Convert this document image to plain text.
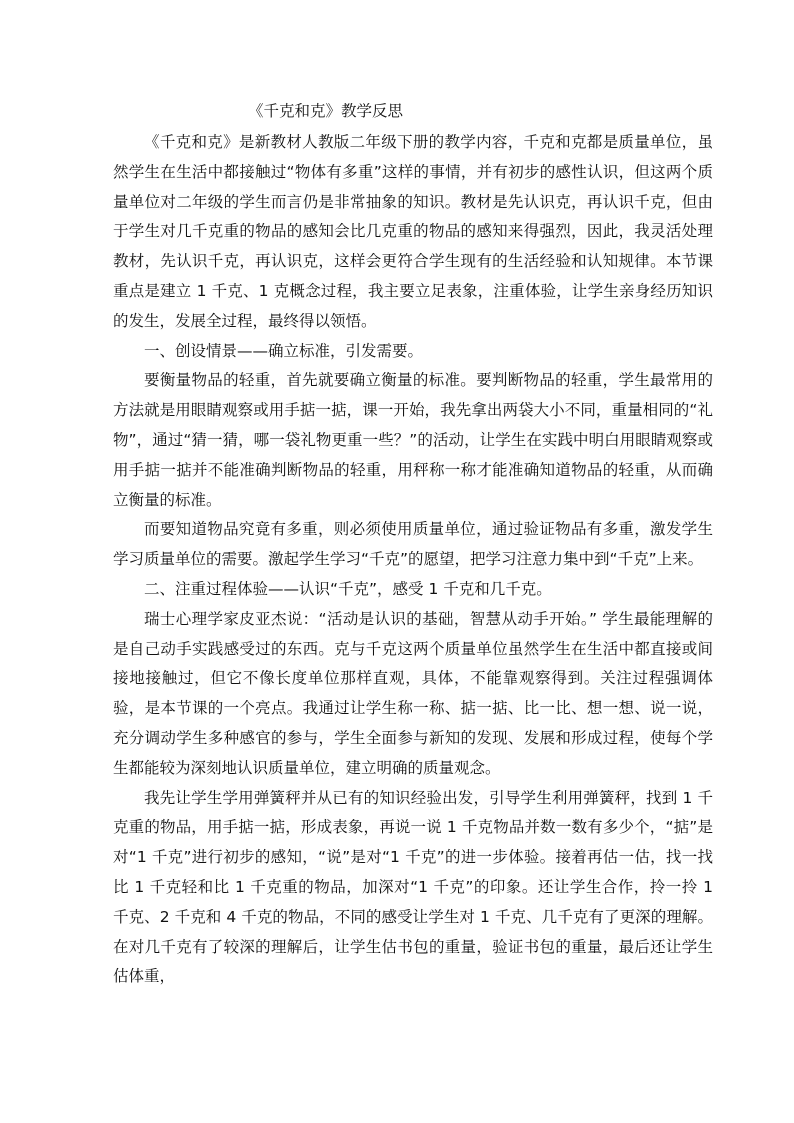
《千克和克》教学反思

《千克和克》是新教材人教版二年级下册的教学内容，千克和克都是质量单位，虽然学生在生活中都接触过“物体有多重”这样的事情，并有初步的感性认识，但这两个质量单位对二年级的学生而言仍是非常抽象的知识。教材是先认识克，再认识千克，但由于学生对几千克重的物品的感知会比几克重的物品的感知来得强烈，因此，我灵活处理教材，先认识千克，再认识克，这样会更符合学生现有的生活经验和认知规律。本节课重点是建立 1 千克、1 克概念过程，我主要立足表象，注重体验，让学生亲身经历知识的发生，发展全过程，最终得以领悟。

一、创设情景——确立标准，引发需要。

要衡量物品的轻重，首先就要确立衡量的标准。要判断物品的轻重，学生最常用的方法就是用眼睛观察或用手掂一掂，课一开始，我先拿出两袋大小不同，重量相同的“礼物”，通过“猜一猜，哪一袋礼物更重一些？”的活动，让学生在实践中明白用眼睛观察或用手掂一掂并不能准确判断物品的轻重，用秤称一称才能准确知道物品的轻重，从而确立衡量的标准。

而要知道物品究竟有多重，则必须使用质量单位，通过验证物品有多重，激发学生学习质量单位的需要。激起学生学习“千克”的愿望，把学习注意力集中到“千克”上来。

二、注重过程体验——认识“千克”，感受 1 千克和几千克。

瑞士心理学家皮亚杰说：“活动是认识的基础，智慧从动手开始。” 学生最能理解的是自己动手实践感受过的东西。克与千克这两个质量单位虽然学生在生活中都直接或间接地接触过，但它不像长度单位那样直观，具体，不能靠观察得到。关注过程强调体验，是本节课的一个亮点。我通过让学生称一称、掂一掂、比一比、想一想、说一说，充分调动学生多种感官的参与，学生全面参与新知的发现、发展和形成过程，使每个学生都能较为深刻地认识质量单位，建立明确的质量观念。

我先让学生学用弹簧秤并从已有的知识经验出发，引导学生利用弹簧秤，找到 1 千克重的物品，用手掂一掂，形成表象，再说一说 1 千克物品并数一数有多少个，“掂”是对“1 千克”进行初步的感知，“说”是对“1 千克”的进一步体验。接着再估一估，找一找比 1 千克轻和比 1 千克重的物品，加深对“1 千克”的印象。还让学生合作，拎一拎 1 千克、2 千克和 4 千克的物品，不同的感受让学生对 1 千克、几千克有了更深的理解。在对几千克有了较深的理解后，让学生估书包的重量，验证书包的重量，最后还让学生估体重，
